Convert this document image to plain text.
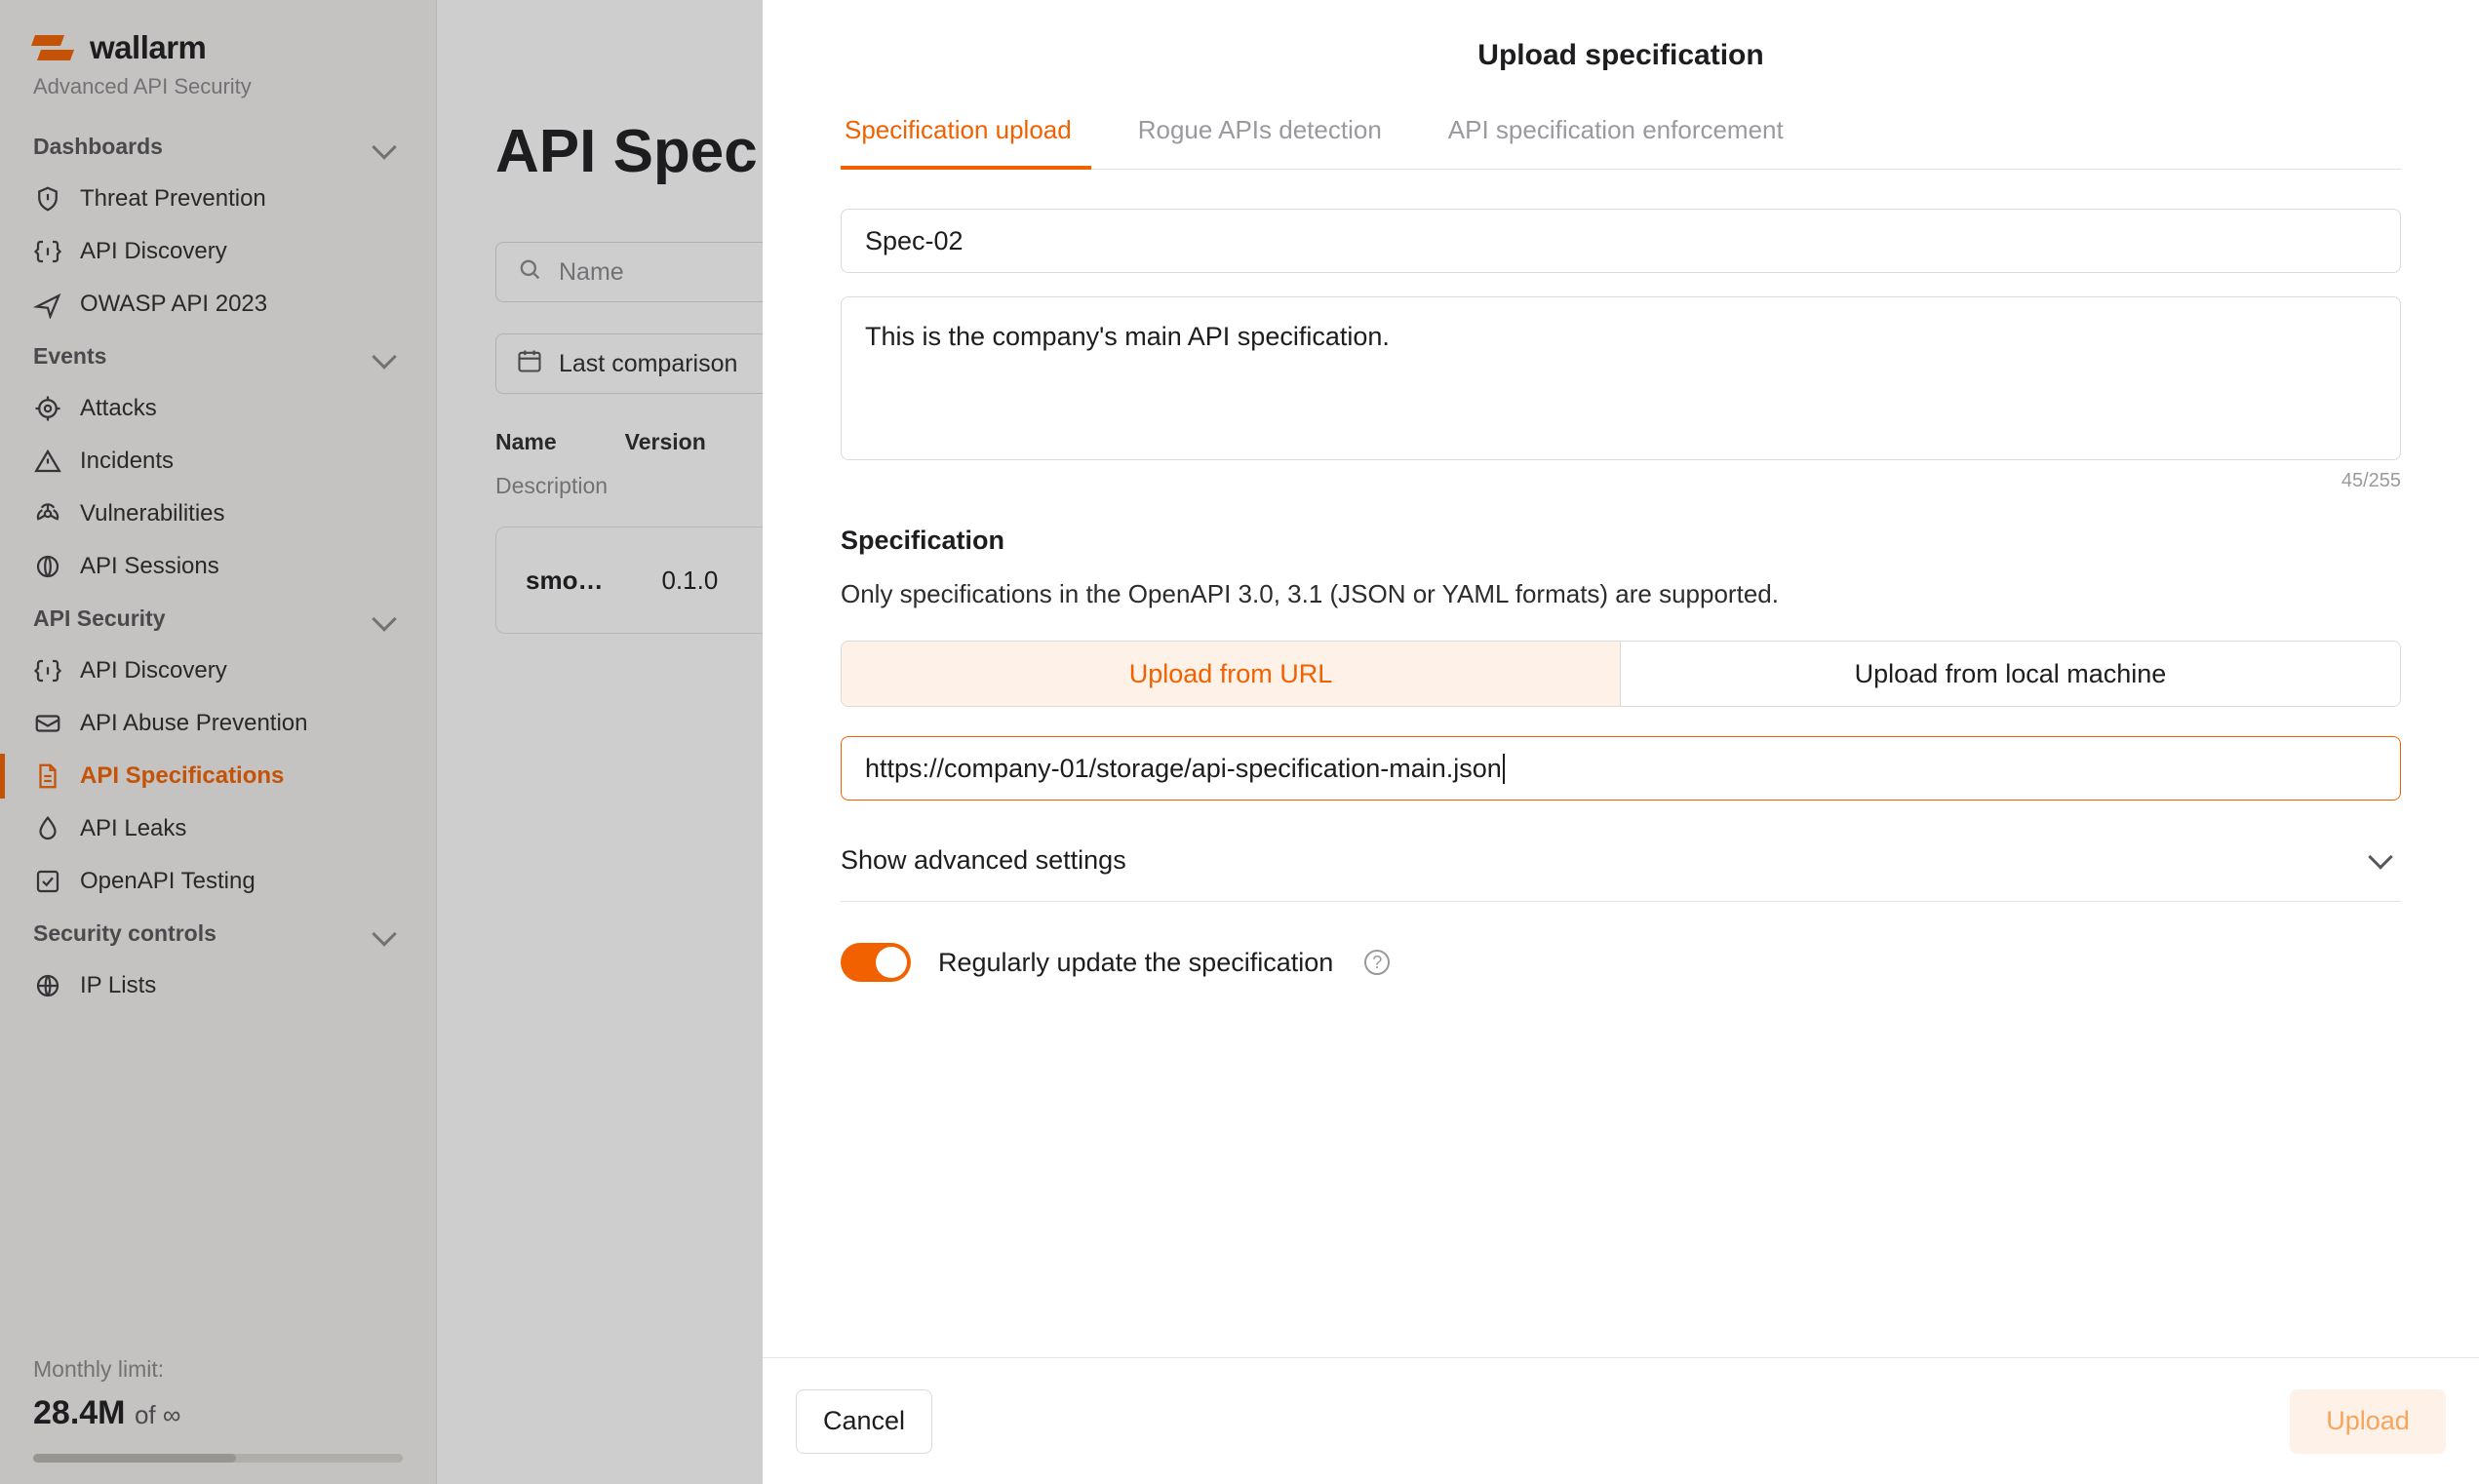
wallarm
Advanced API Security
Dashboards
Threat Prevention
API Discovery
OWASP API 2023
Events
Attacks
Incidents
Vulnerabilities
API Sessions
API Security
API Discovery
API Abuse Prevention
API Specifications
API Leaks
OpenAPI Testing
Security controls
IP Lists
Monthly limit:
28.4M of ∞
API Spec
Name
Last comparison
Name	Version
Description
smo… 0.1.0
Upload specification
Specification upload	Rogue APIs detection	API specification enforcement
Spec-02
This is the company's main API specification.
45/255
Specification
Only specifications in the OpenAPI 3.0, 3.1 (JSON or YAML formats) are supported.
Upload from URL	Upload from local machine
https://company-01/storage/api-specification-main.json
Show advanced settings
Regularly update the specification	?
Cancel	Upload
